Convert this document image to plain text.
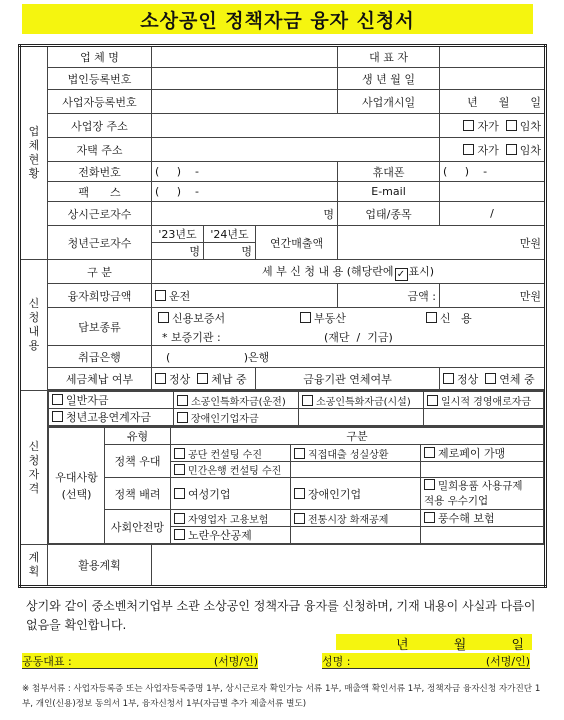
소상공인 정책자금 융자 신청서
업
체
현
황	업 체 명		대 표 자	
법인등록번호		생 년 월 일	
사업자등록번호		사업개시일	년      월      일
사업장 주소		자가 임차
자택 주소		자가 임차
전화번호	(     )    -	휴대폰	(     )    -
팩      스	(     )    -	E-mail	
상시근로자수	명	업태/종목	/
청년근로자수	'23년도	'24년도	연간매출액	만원
명	명
신
청
내
용	구 분	세 부 신 청 내 용 (해당란에 ✓ 표시)
융자희망금액	운전	금액 :	만원
담보종류	
신용보증서	부동산	신   용
* 보증기관 :	(재단  /  기금)

취급은행	(                     )은행
세금체납 여부	정상 체납 중	금융기관 연체여부	정상 연체 중

신
청
자
격	
일반자금	소공인특화자금(운전)	소공인특화자금(시설)	일시적 경영애로자금
청년고용연계자금	장애인기업자금		

우대사항
(선택)	유형	구분
정책 우대	공단 컨설팅 수진	직접대출 성실상환	제로페이 가맹
민간은행 컨설팅 수진		
정책 배려	여성기업	장애인기업	밀희용품 사용규제
적용 우수기업
사회안전망	자영업자 고용보험	전통시장 화재공제	풍수해 보험
노란우산공제		

계
획	활용계획	
상기와 같이 중소벤처기업부 소관 소상공인 정책자금 융자를 신청하며, 기재 내용이 사실과 다름이 없음을 확인합니다.
년	월	일
공동대표 :	(서명/인)	성명 :	(서명/인)
※ 첨부서류 : 사업자등록증 또는 사업자등록증명 1부, 상시근로자 확인가능 서류 1부, 매출액 확인서류 1부, 정책자금 융자신청 자가진단 1부, 개인(신용)정보 동의서 1부, 융자신청서 1부(자금별 추가 제출서류 별도)
